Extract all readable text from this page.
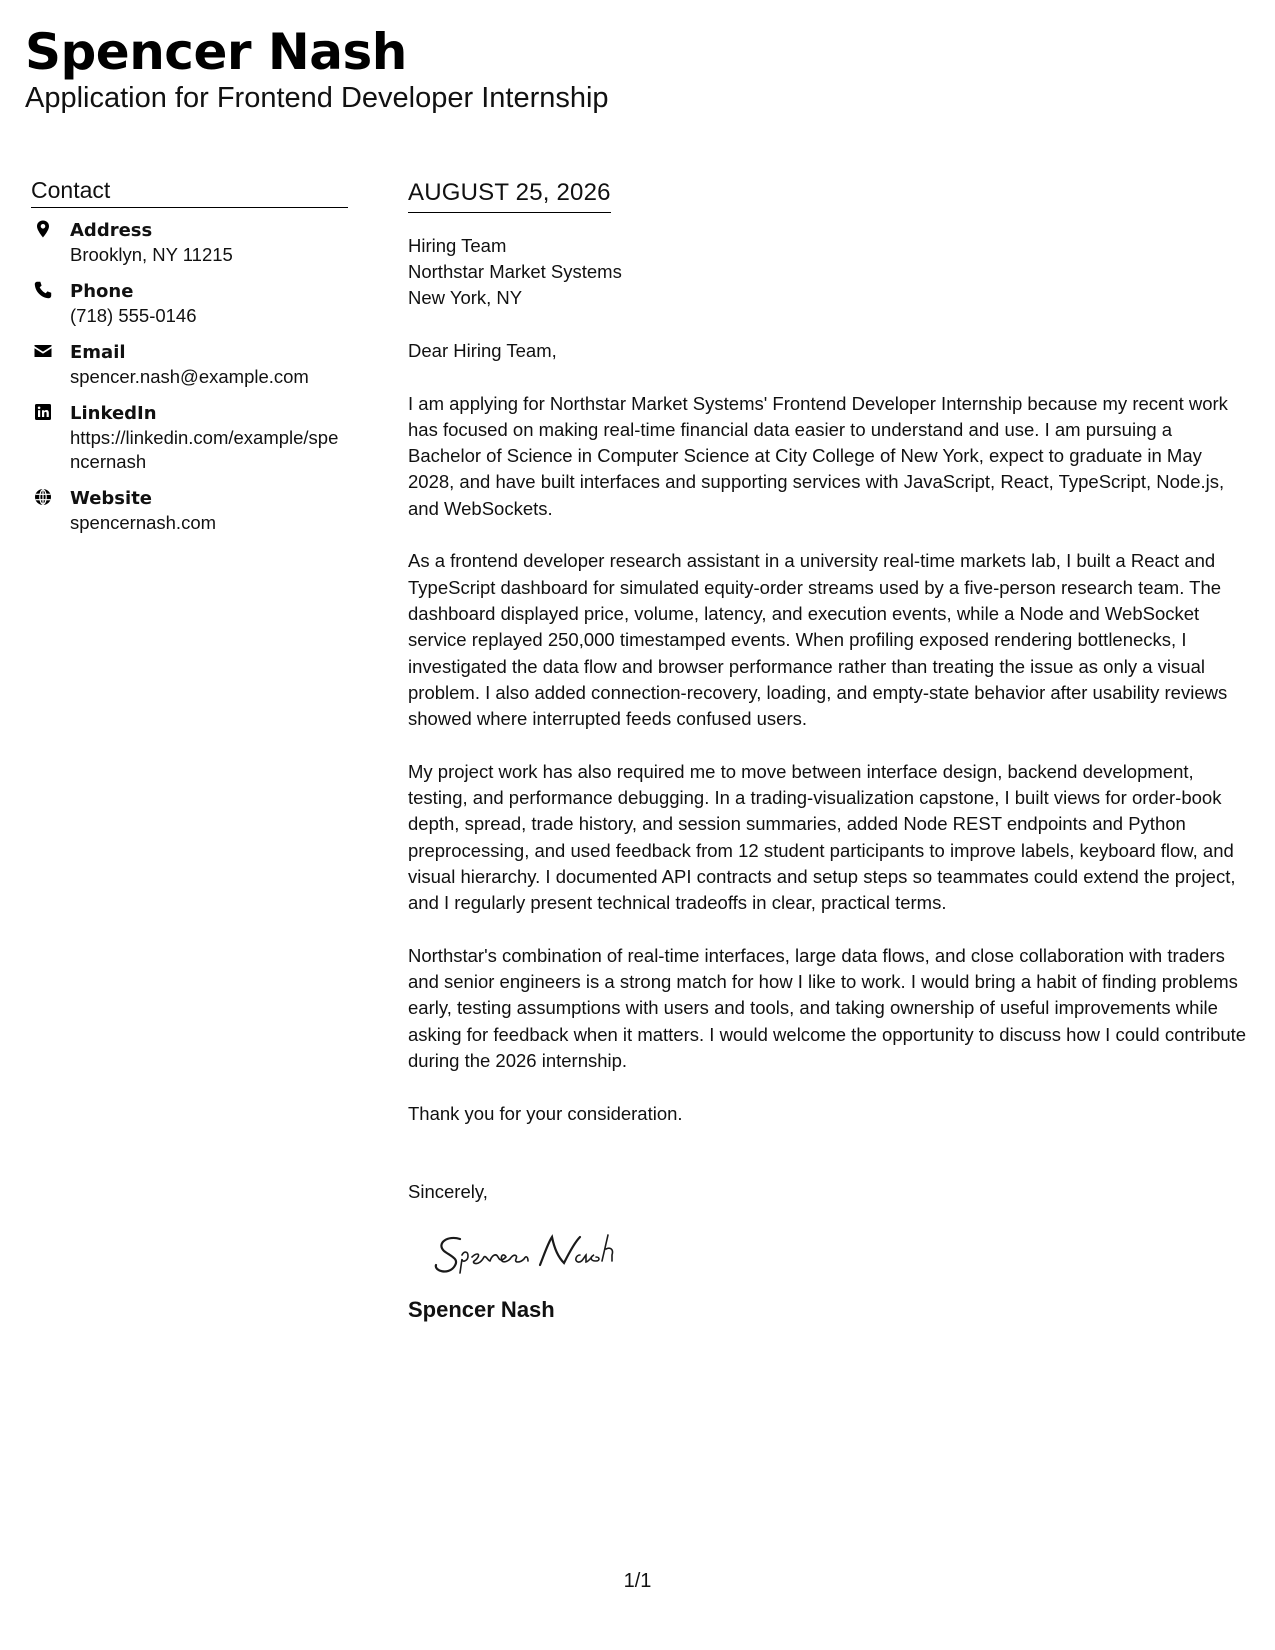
Spencer Nash
Application for Frontend Developer Internship
Contact
Address
Brooklyn, NY 11215
Phone
(718) 555-0146
Email
spencer.nash@example.com
LinkedIn
https://linkedin.com/example/spencernash
Website
spencernash.com
AUGUST 25, 2026
Hiring Team
Northstar Market Systems
New York, NY
Dear Hiring Team,
I am applying for Northstar Market Systems' Frontend Developer Internship because my recent work has focused on making real-time financial data easier to understand and use. I am pursuing a Bachelor of Science in Computer Science at City College of New York, expect to graduate in May 2028, and have built interfaces and supporting services with JavaScript, React, TypeScript, Node.js, and WebSockets.
As a frontend developer research assistant in a university real-time markets lab, I built a React and TypeScript dashboard for simulated equity-order streams used by a five-person research team. The dashboard displayed price, volume, latency, and execution events, while a Node and WebSocket service replayed 250,000 timestamped events. When profiling exposed rendering bottlenecks, I investigated the data flow and browser performance rather than treating the issue as only a visual problem. I also added connection-recovery, loading, and empty-state behavior after usability reviews showed where interrupted feeds confused users.
My project work has also required me to move between interface design, backend development, testing, and performance debugging. In a trading-visualization capstone, I built views for order-book depth, spread, trade history, and session summaries, added Node REST endpoints and Python preprocessing, and used feedback from 12 student participants to improve labels, keyboard flow, and visual hierarchy. I documented API contracts and setup steps so teammates could extend the project, and I regularly present technical tradeoffs in clear, practical terms.
Northstar's combination of real-time interfaces, large data flows, and close collaboration with traders and senior engineers is a strong match for how I like to work. I would bring a habit of finding problems early, testing assumptions with users and tools, and taking ownership of useful improvements while asking for feedback when it matters. I would welcome the opportunity to discuss how I could contribute during the 2026 internship.
Thank you for your consideration.
Sincerely,
Spencer Nash
1/1
